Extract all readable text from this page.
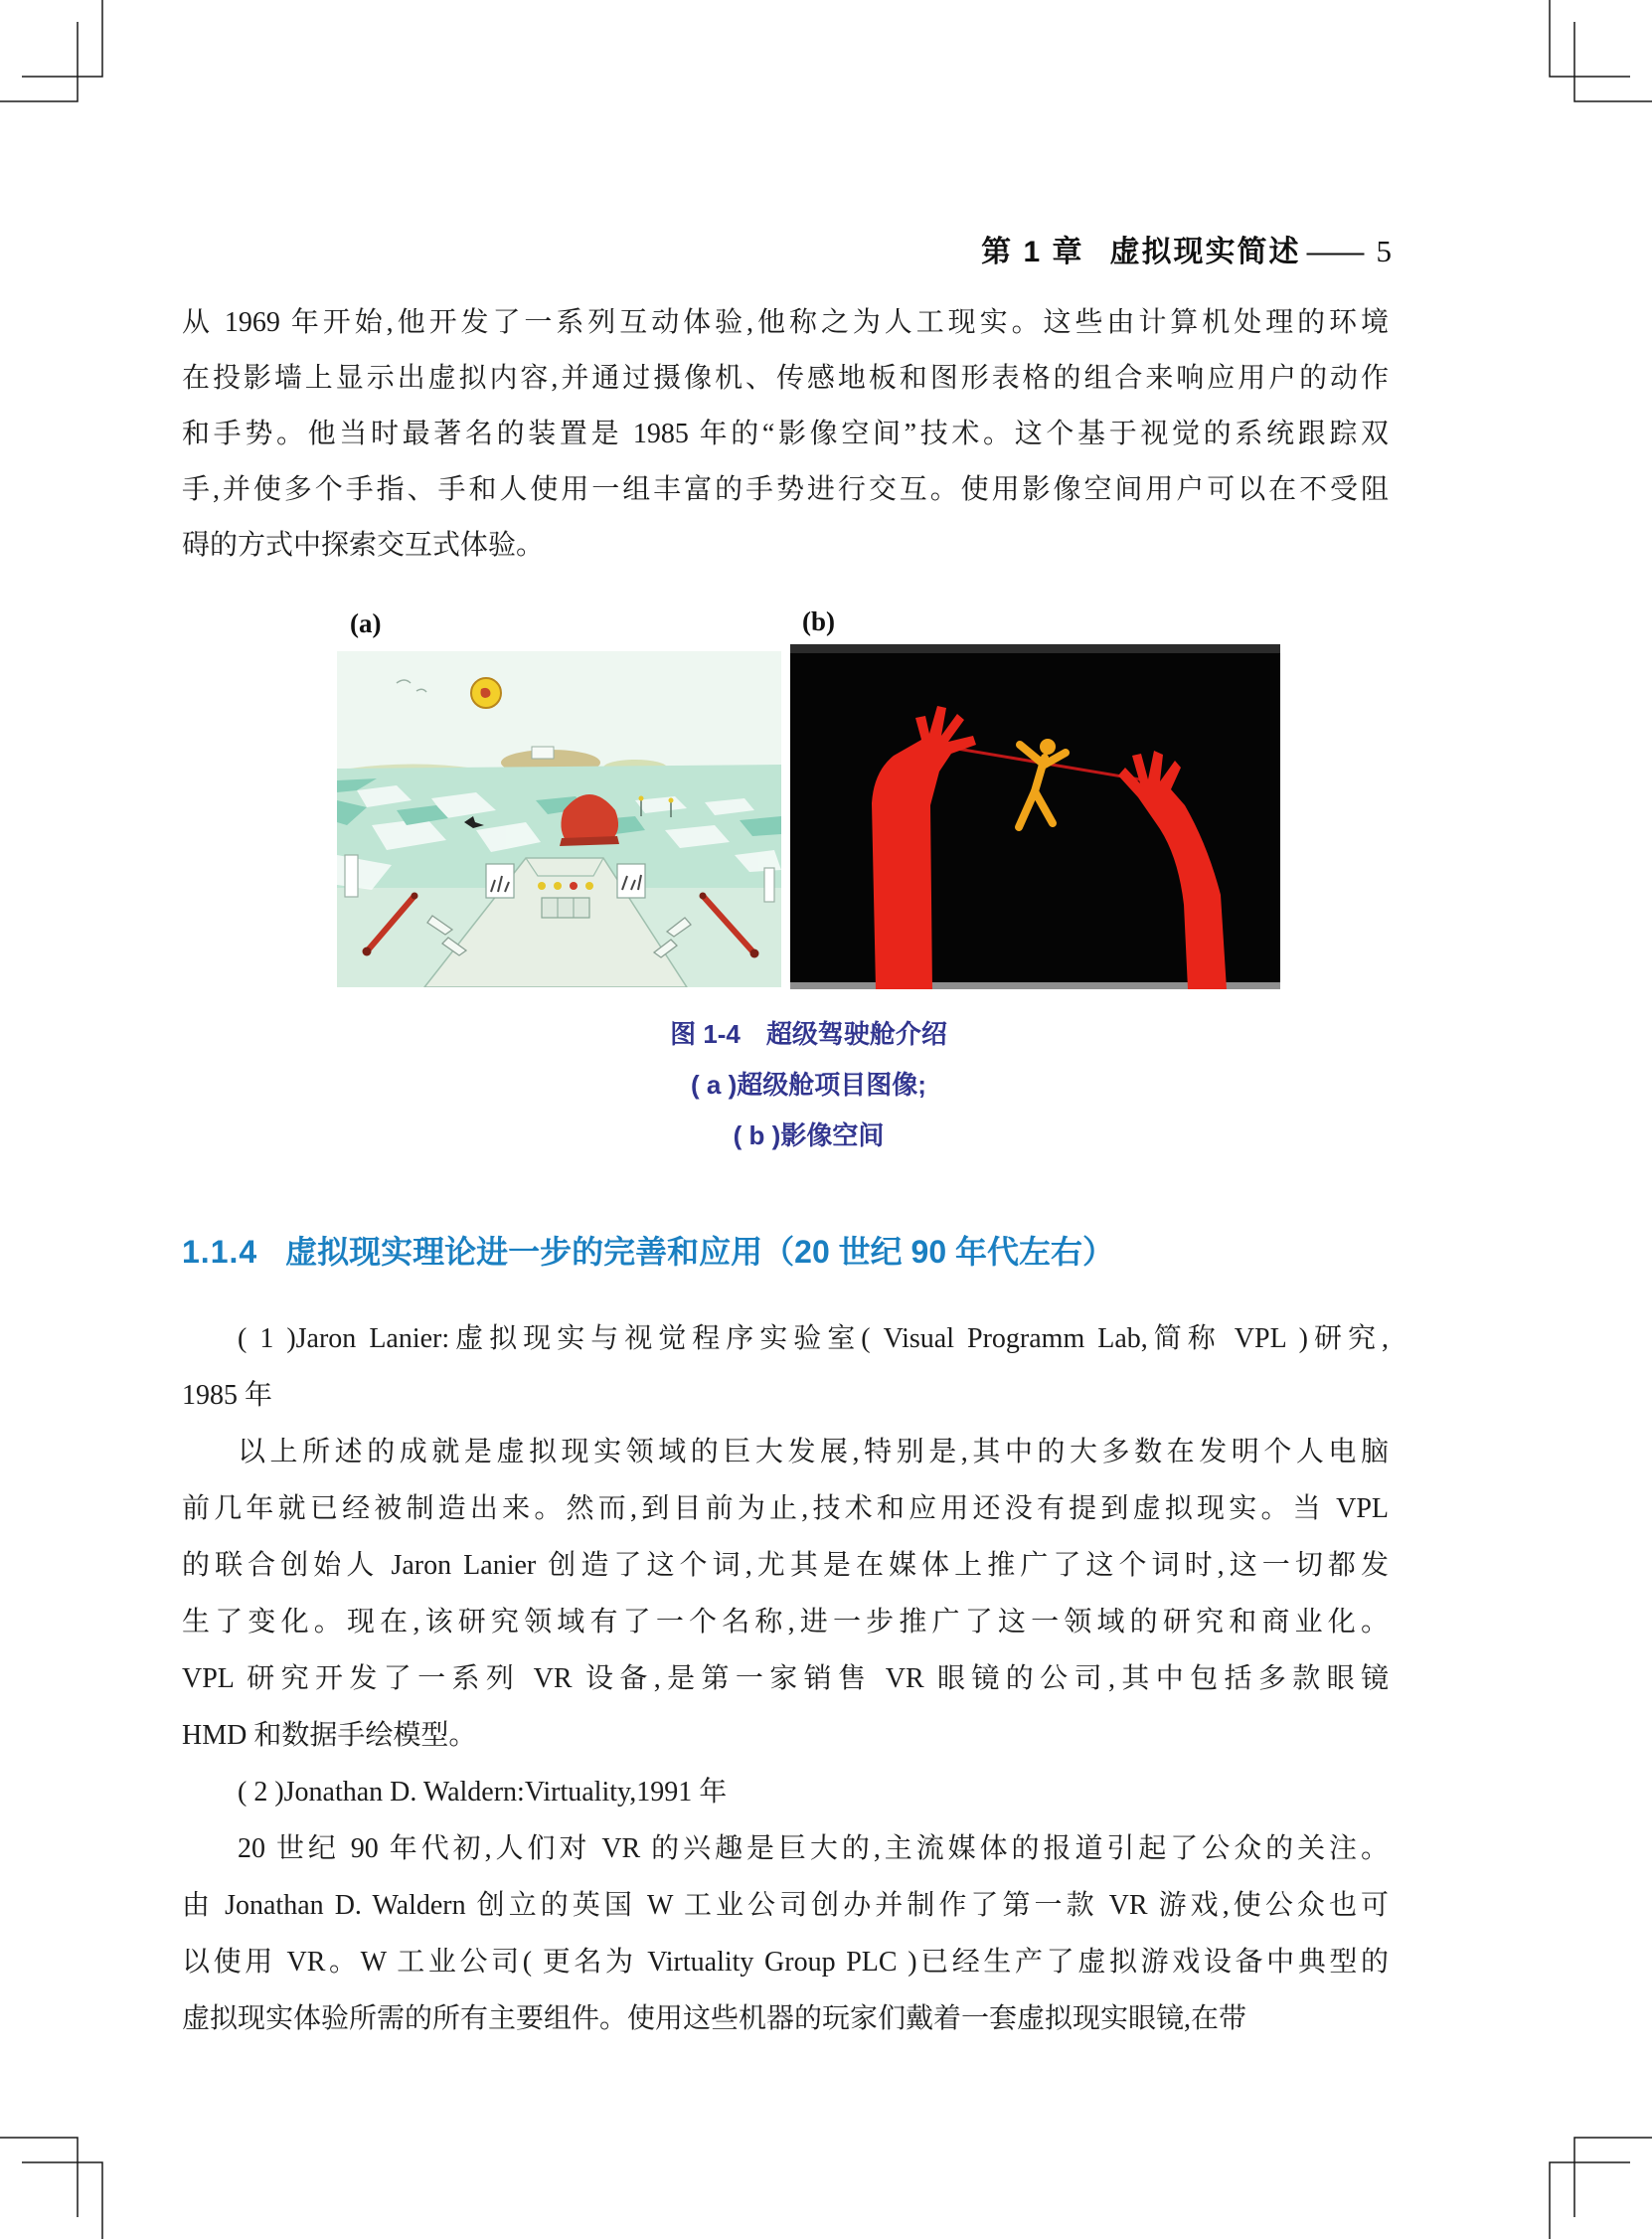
第 1 章 虚拟现实简述 —— 5
从 1969 年开始,他开发了一系列互动体验,他称之为人工现实。这些由计算机处理的环境
在投影墙上显示出虚拟内容,并通过摄像机、传感地板和图形表格的组合来响应用户的动作
和手势。他当时最著名的装置是 1985 年的“影像空间”技术。这个基于视觉的系统跟踪双
手,并使多个手指、手和人使用一组丰富的手势进行交互。使用影像空间用户可以在不受阻
碍的方式中探索交互式体验。
(a)	(b)
图 1-4　超级驾驶舱介绍
( a )超级舱项目图像;
( b )影像空间
1.1.4 虚拟现实理论进一步的完善和应用（20 世纪 90 年代左右）
( 1 )Jaron Lanier:虚拟现实与视觉程序实验室( Visual Programm Lab,简称 VPL )研究,
1985 年
以上所述的成就是虚拟现实领域的巨大发展,特别是,其中的大多数在发明个人电脑
前几年就已经被制造出来。然而,到目前为止,技术和应用还没有提到虚拟现实。当 VPL
的联合创始人 Jaron Lanier 创造了这个词,尤其是在媒体上推广了这个词时,这一切都发
生了变化。现在,该研究领域有了一个名称,进一步推广了这一领域的研究和商业化。
VPL 研究开发了一系列 VR 设备,是第一家销售 VR 眼镜的公司,其中包括多款眼镜
HMD 和数据手绘模型。
( 2 )Jonathan D. Waldern:Virtuality,1991 年
20 世纪 90 年代初,人们对 VR 的兴趣是巨大的,主流媒体的报道引起了公众的关注。
由 Jonathan D. Waldern 创立的英国 W 工业公司创办并制作了第一款 VR 游戏,使公众也可
以使用 VR。W 工业公司( 更名为 Virtuality Group PLC )已经生产了虚拟游戏设备中典型的
虚拟现实体验所需的所有主要组件。使用这些机器的玩家们戴着一套虚拟现实眼镜,在带
